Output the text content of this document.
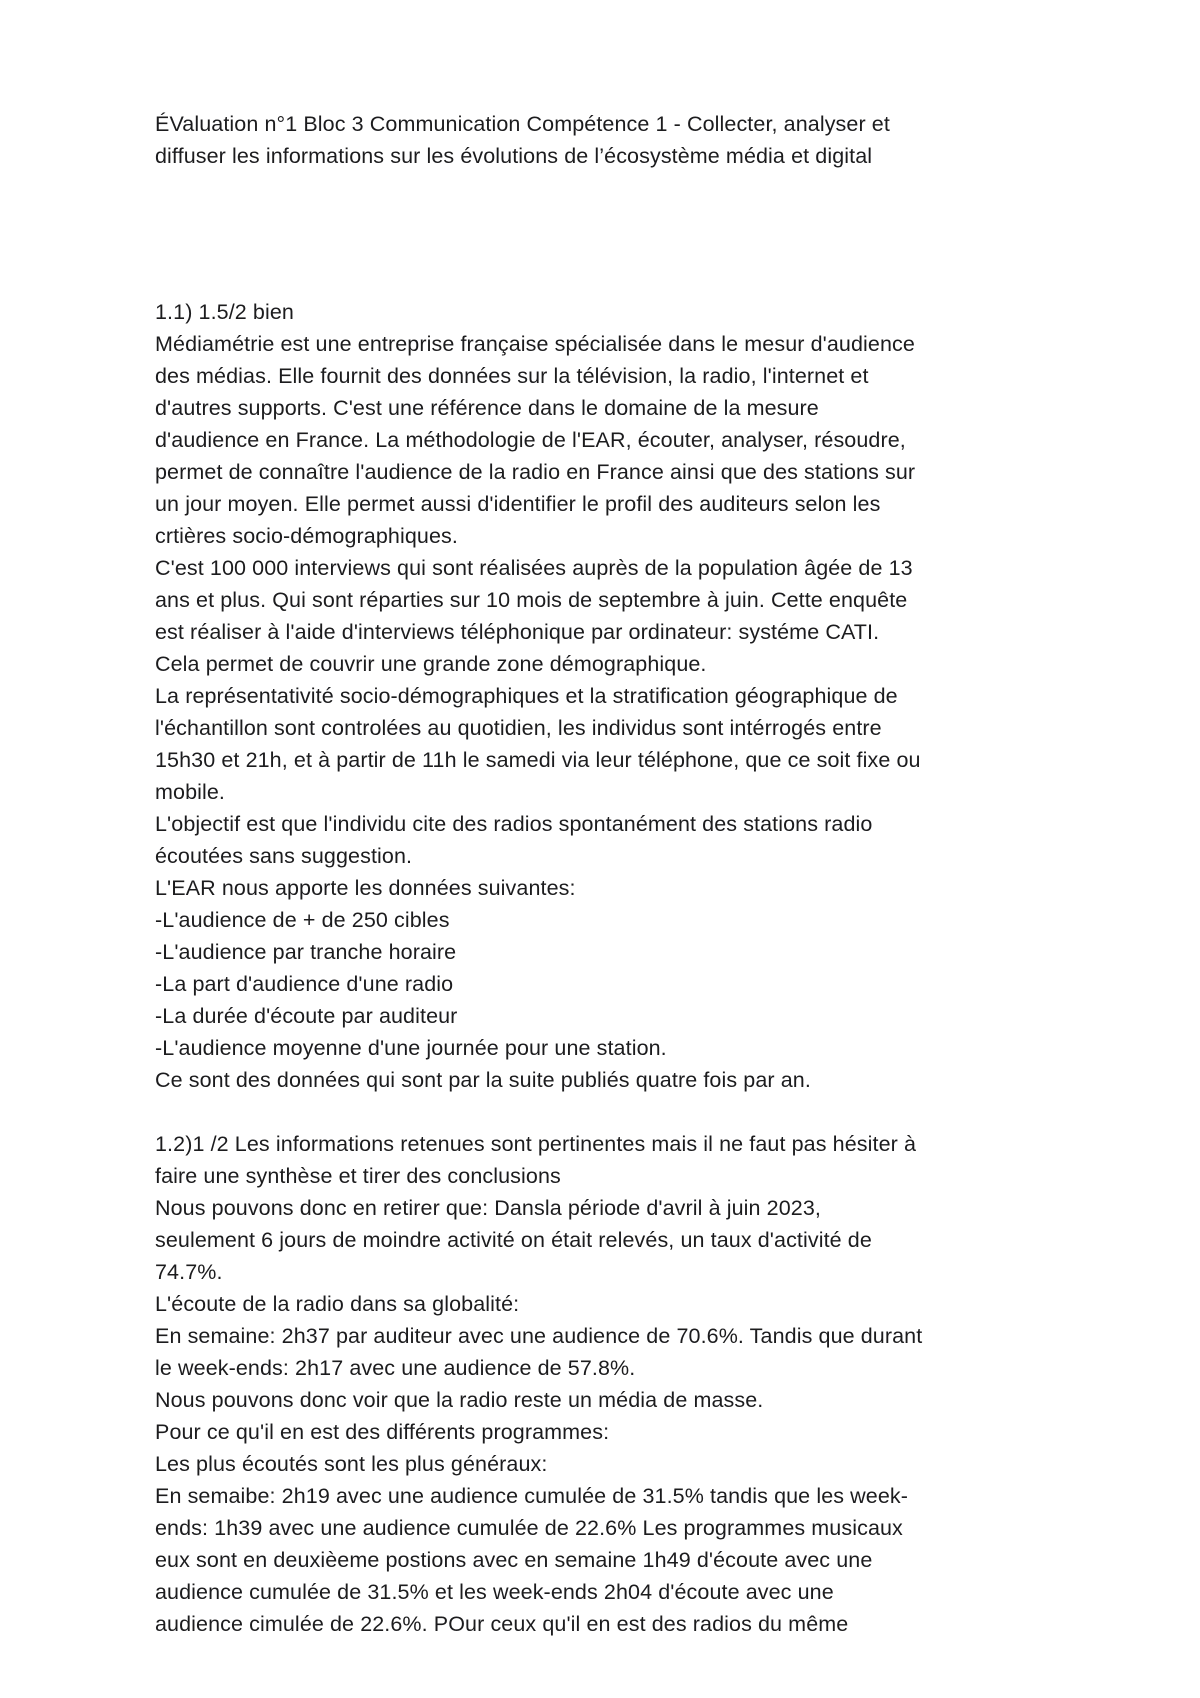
ÉValuation n°1 Bloc 3 Communication Compétence 1 - Collecter, analyser et
diffuser les informations sur les évolutions de l’écosystème média et digital
1.1) 1.5/2 bien
Médiamétrie est une entreprise française spécialisée dans le mesur d'audience
des médias. Elle fournit des données sur la télévision, la radio, l'internet et
d'autres supports. C'est une référence dans le domaine de la mesure
d'audience en France. La méthodologie de l'EAR, écouter, analyser, résoudre,
permet de connaître l'audience de la radio en France ainsi que des stations sur
un jour moyen. Elle permet aussi d'identifier le profil des auditeurs selon les
crtières socio-démographiques.
C'est 100 000 interviews qui sont réalisées auprès de la population âgée de 13
ans et plus. Qui sont réparties sur 10 mois de septembre à juin. Cette enquête
est réaliser à l'aide d'interviews téléphonique par ordinateur: systéme CATI.
Cela permet de couvrir une grande zone démographique.
La représentativité socio-démographiques et la stratification géographique de
l'échantillon sont controlées au quotidien, les individus sont intérrogés entre
15h30 et 21h, et à partir de 11h le samedi via leur téléphone, que ce soit fixe ou
mobile.
L'objectif est que l'individu cite des radios spontanément des stations radio
écoutées sans suggestion.
L'EAR nous apporte les données suivantes:
-L'audience de + de 250 cibles
-L'audience par tranche horaire
-La part d'audience d'une radio
-La durée d'écoute par auditeur
-L'audience moyenne d'une journée pour une station.
Ce sont des données qui sont par la suite publiés quatre fois par an.
1.2)1 /2 Les informations retenues sont pertinentes mais il ne faut pas hésiter à
faire une synthèse et tirer des conclusions
Nous pouvons donc en retirer que: Dansla période d'avril à juin 2023,
seulement 6 jours de moindre activité on était relevés, un taux d'activité de
74.7%.
L'écoute de la radio dans sa globalité:
En semaine: 2h37 par auditeur avec une audience de 70.6%. Tandis que durant
le week-ends: 2h17 avec une audience de 57.8%.
Nous pouvons donc voir que la radio reste un média de masse.
Pour ce qu'il en est des différents programmes:
Les plus écoutés sont les plus généraux:
En semaibe: 2h19 avec une audience cumulée de 31.5% tandis que les week-
ends: 1h39 avec une audience cumulée de 22.6% Les programmes musicaux
eux sont en deuxièeme postions avec en semaine 1h49 d'écoute avec une
audience cumulée de 31.5% et les week-ends 2h04 d'écoute avec une
audience cimulée de 22.6%. POur ceux qu'il en est des radios du même
